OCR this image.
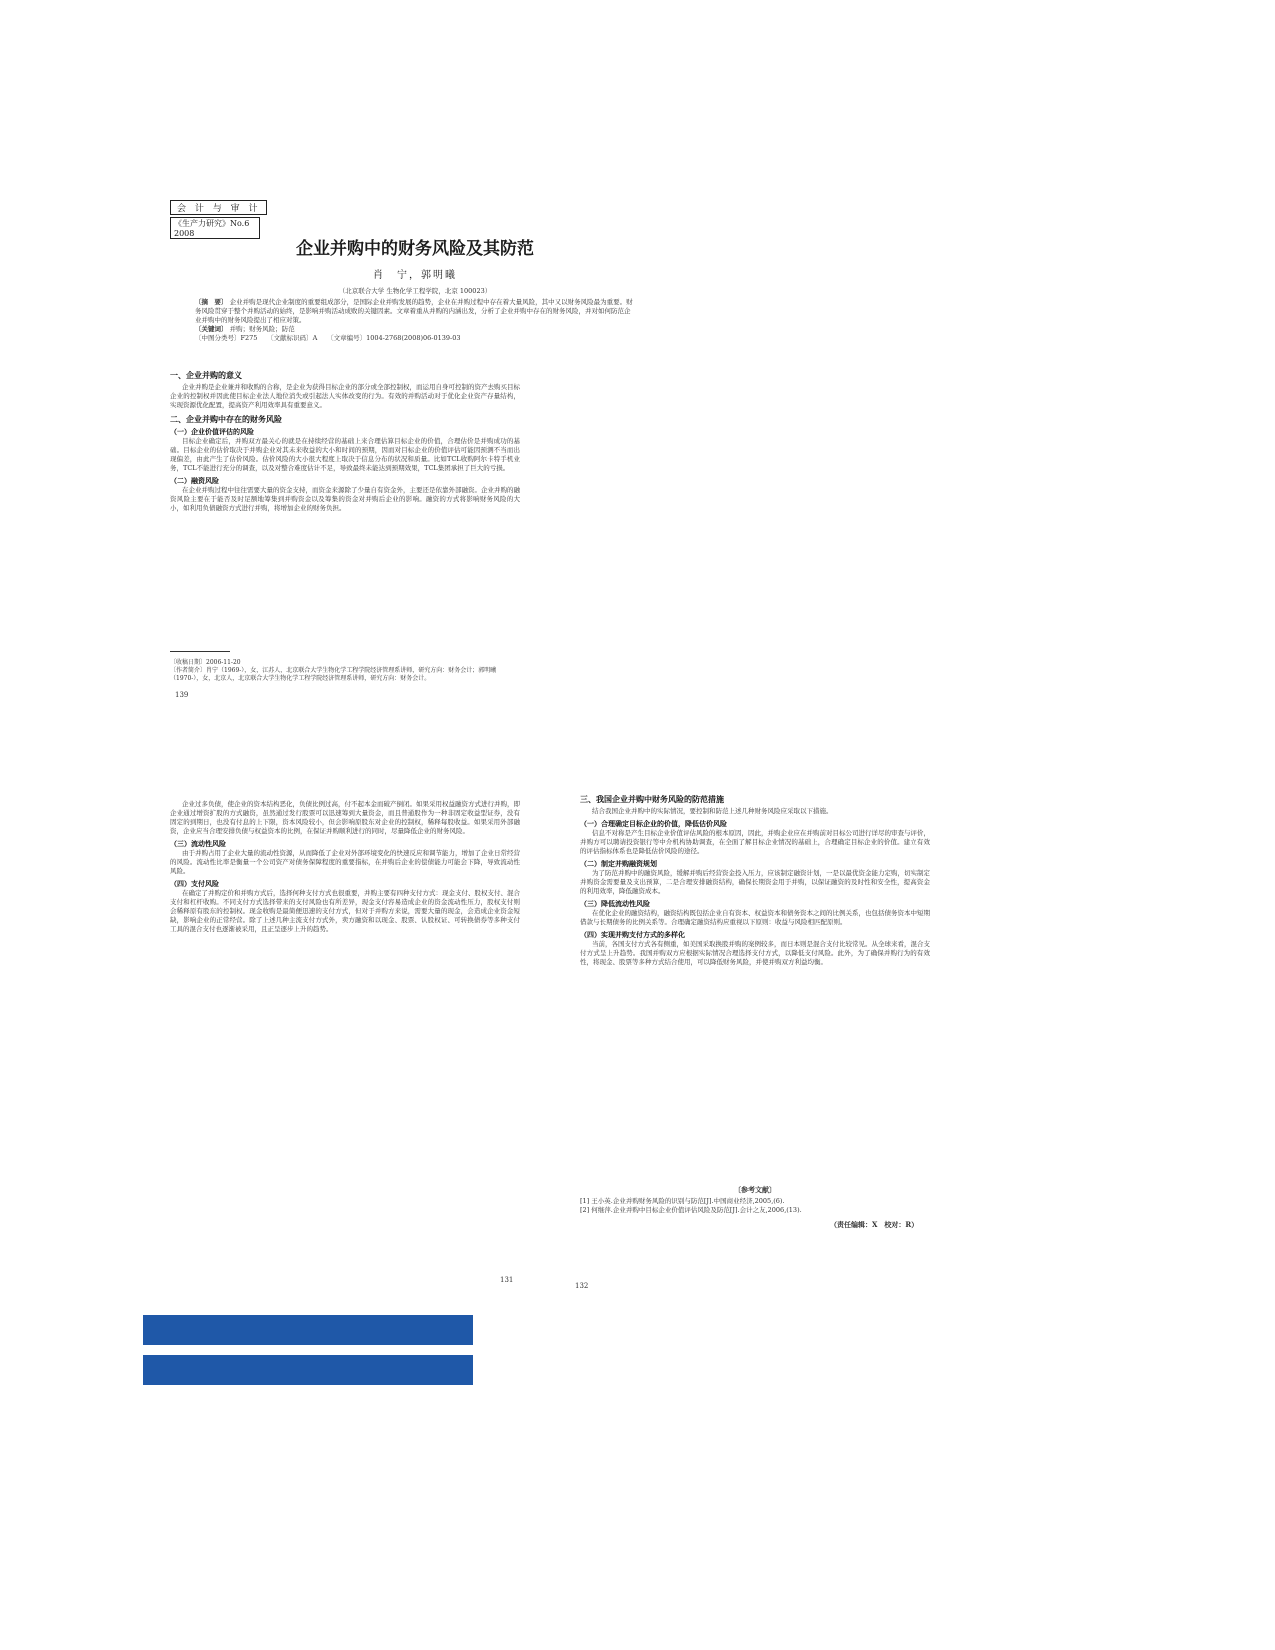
会 计 与 审 计
《生产力研究》No.6 2008
企业并购中的财务风险及其防范
肖　宁，郭明曦
（北京联合大学 生物化学工程学院，北京 100023）
〔摘　要〕 企业并购是现代企业制度的重要组成部分，是国际企业并购发展的趋势，企业在并购过程中存在着大量风险，其中又以财务风险最为重要。财务风险贯穿于整个并购活动的始终，是影响并购活动成败的关键因素。文章着重从并购的内涵出发，分析了企业并购中存在的财务风险，并对如何防范企业并购中的财务风险提出了相应对策。
〔关键词〕 并购；财务风险；防范
〔中图分类号〕F275　　〔文献标识码〕A　　〔文章编号〕1004-2768(2008)06-0139-03
一、企业并购的意义

企业并购是企业兼并和收购的合称，是企业为获得目标企业的部分或全部控制权，而运用自身可控制的资产去购买目标企业的控制权并因此使目标企业法人地位消失或引起法人实体改变的行为。有效的并购活动对于优化企业资产存量结构，实现资源优化配置，提高资产利用效率具有重要意义。

二、企业并购中存在的财务风险
（一）企业价值评估的风险

目标企业确定后，并购双方最关心的就是在持续经营的基础上来合理估算目标企业的价值，合理估价是并购成功的基础。目标企业的估价取决于并购企业对其未来收益的大小和时间的预期，因而对目标企业的价值评估可能因预测不当而出现偏差，由此产生了估价风险。估价风险的大小很大程度上取决于信息分布的状况和质量。比如TCL收购阿尔卡特手机业务，TCL不能进行充分的调查，以及对整合难度估计不足，导致最终未能达到预期效果，TCL集团承担了巨大的亏损。

（二）融资风险

在企业并购过程中往往需要大量的资金支持，而资金来源除了少量自有资金外，主要还是依靠外部融资。企业并购的融资风险主要在于能否及时足额地筹集到并购资金以及筹集的资金对并购后企业的影响。融资的方式将影响财务风险的大小，如利用负债融资方式进行并购，将增加企业的财务负担。

〔收稿日期〕2006-11-20
〔作者简介〕肖宁（1969-），女，江苏人，北京联合大学生物化学工程学院经济管理系讲师，研究方向：财务会计；郭明曦（1970-），女，北京人，北京联合大学生物化学工程学院经济管理系讲师，研究方向：财务会计。
139

企业过多负债，使企业的资本结构恶化，负债比例过高，付不起本金而破产倒闭。如果采用权益融资方式进行并购，即企业通过增资扩股的方式融资，虽然通过发行股票可以迅速筹到大量资金，而且普通股作为一种非固定收益型证券，没有固定的到期日，也没有付息的上下限，资本风险较小，但会影响原股东对企业的控制权，稀释每股收益。如果采用外部融资，企业应当合理安排负债与权益资本的比例，在保证并购顺利进行的同时，尽量降低企业的财务风险。

（三）流动性风险

由于并购占用了企业大量的流动性资源，从而降低了企业对外部环境变化的快速反应和调节能力，增加了企业日常经营的风险。流动性比率是衡量一个公司资产对债务保障程度的重要指标，在并购后企业的偿债能力可能会下降，导致流动性风险。

（四）支付风险

在确定了并购定价和并购方式后，选择何种支付方式也很重要，并购主要有四种支付方式：现金支付、股权支付、混合支付和杠杆收购。不同支付方式选择带来的支付风险也有所差异，现金支付容易造成企业的资金流动性压力，股权支付则会稀释原有股东的控制权。现金收购是最简便迅速的支付方式，但对于并购方来说，需要大量的现金，会造成企业资金短缺，影响企业的正常经营。除了上述几种主流支付方式外，卖方融资和以现金、股票、认股权证、可转换债券等多种支付工具的混合支付也逐渐被采用，且正呈逐步上升的趋势。

131
三、我国企业并购中财务风险的防范措施

结合我国企业并购中的实际情况，要控制和防范上述几种财务风险应采取以下措施。

（一）合理确定目标企业的价值，降低估价风险

信息不对称是产生目标企业价值评估风险的根本原因，因此，并购企业应在并购前对目标公司进行详尽的审查与评价，并购方可以聘请投资银行等中介机构协助调查，在全面了解目标企业情况的基础上，合理确定目标企业的价值。建立有效的评估指标体系也是降低估价风险的途径。

（二）制定并购融资规划

为了防范并购中的融资风险，缓解并购后经营资金投入压力，应该制定融资计划，一是以最优资金能力定购，切实制定并购资金需要量及支出预算，二是合理安排融资结构，确保长期资金用于并购，以保证融资的及时性和安全性，提高资金的利用效率，降低融资成本。

（三）降低流动性风险

在优化企业的融资结构，融资结构既包括企业自有资本、权益资本和债务资本之间的比例关系，也包括债务资本中短期借款与长期债务的比例关系等。合理确定融资结构应重视以下原则：收益与风险相匹配原则。

（四）实现并购支付方式的多样化

当前，各国支付方式各有侧重，如美国采取换股并购的案例较多，而日本则是混合支付比较常见。从全球来看，混合支付方式呈上升趋势。我国并购双方应根据实际情况合理选择支付方式，以降低支付风险。此外，为了确保并购行为的有效性，将现金、股票等多种方式结合使用，可以降低财务风险，并使并购双方利益均衡。

〔参考文献〕
[1] 王小英.企业并购财务风险的识别与防范[J].中国商业经济,2005,(6).
[2] 何继萍.企业并购中目标企业价值评估风险及防范[J].会计之友,2006,(13).
（责任编辑：X　校对：R）
132
